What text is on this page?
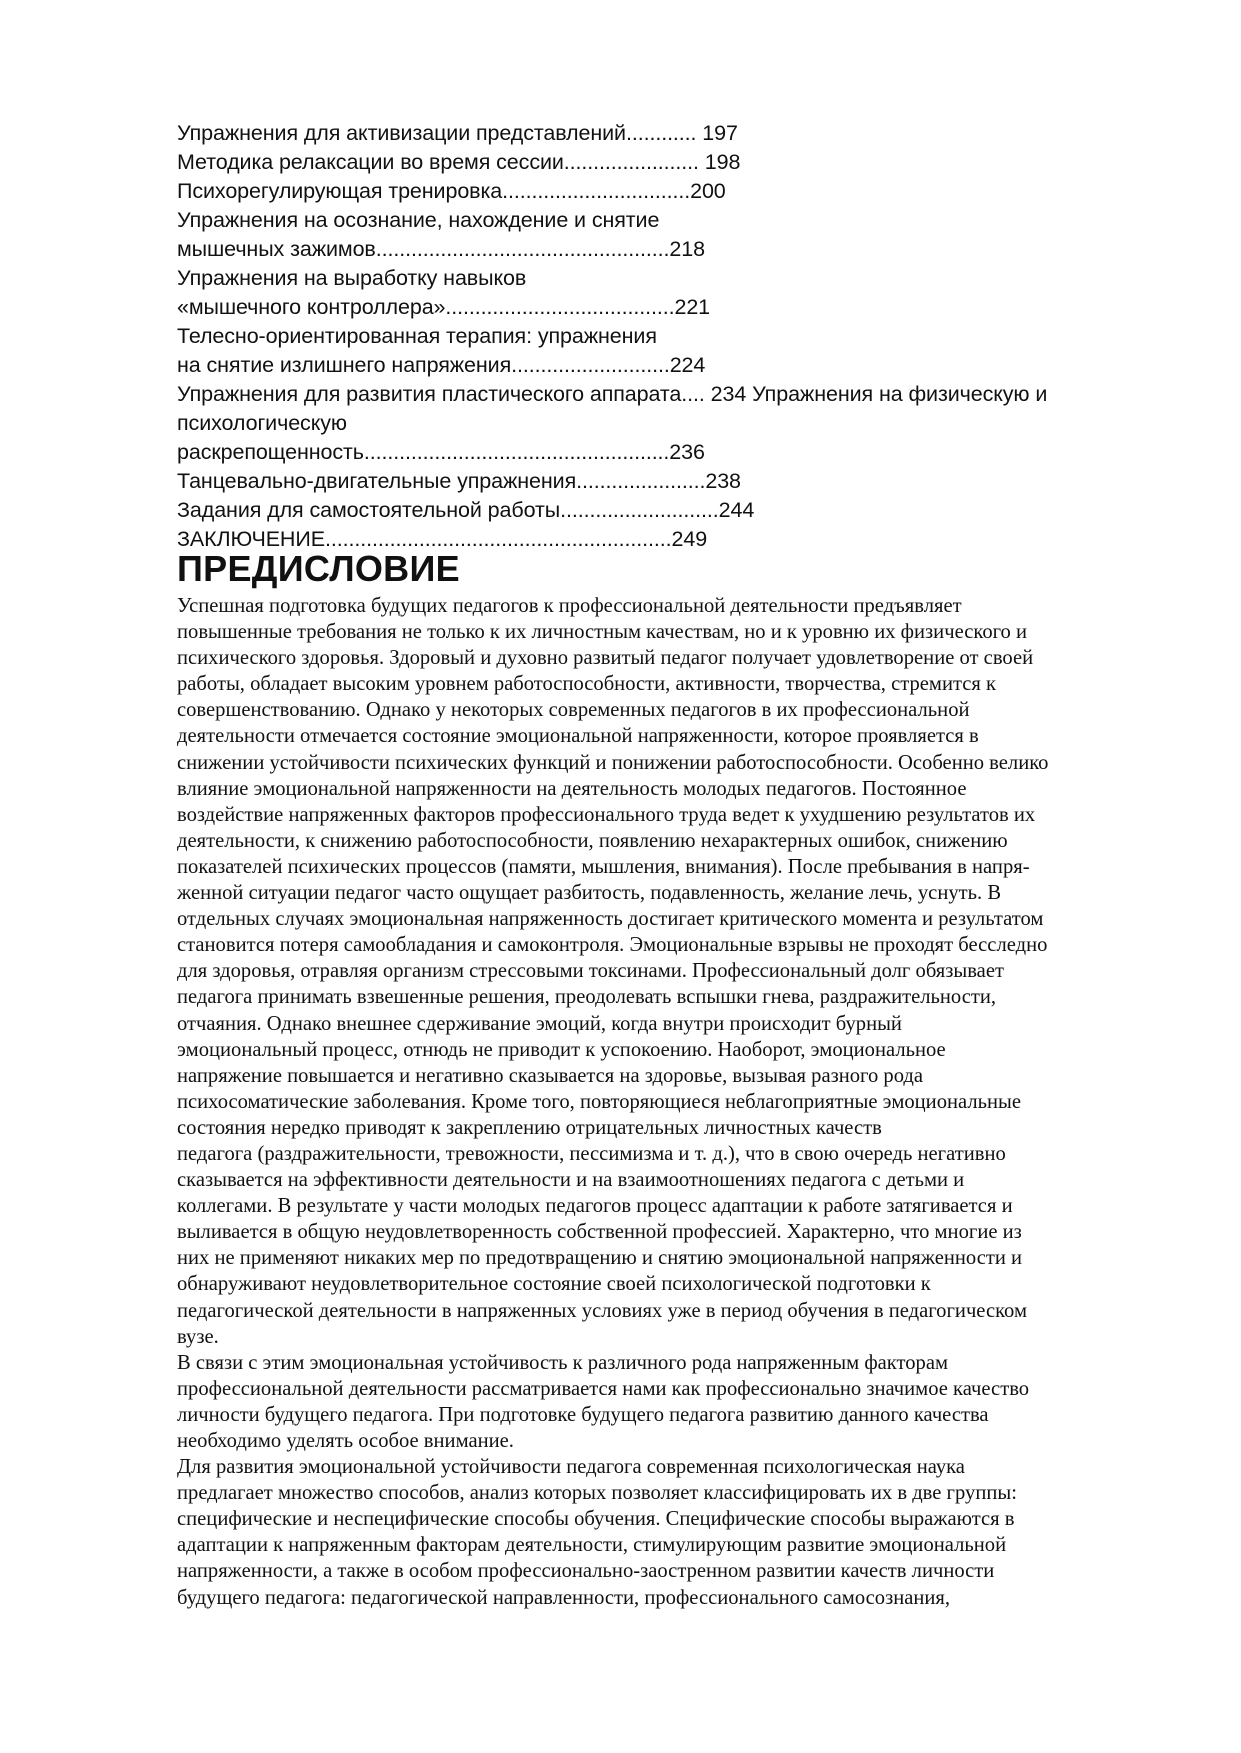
Упражнения для активизации представлений............ 197
Методика релаксации во время сессии....................... 198
Психорегулирующая тренировка................................200
Упражнения на осознание, нахождение и снятие
мышечных зажимов..................................................218
Упражнения на выработку навыков
«мышечного контроллера».......................................221
Телесно-ориентированная терапия: упражнения
на снятие излишнего напряжения...........................224
Упражнения для развития пластического аппарата.... 234 Упражнения на физическую и
психологическую
раскрепощенность....................................................236
Танцевально-двигательные упражнения......................238
Задания для самостоятельной работы...........................244
ЗАКЛЮЧЕНИЕ...........................................................249
ПРЕДИСЛОВИЕ
Успешная подготовка будущих педагогов к профессиональной деятельности предъявляет
повышенные требования не только к их личностным качествам, но и к уровню их физического и
психического здоровья. Здоровый и духовно развитый педагог получает удовлетворение от своей
работы, обладает высоким уровнем работоспособности, активности, творчества, стремится к
совершенствованию. Однако у некоторых современных педагогов в их профессиональной
деятельности отмечается состояние эмоциональной напряженности, которое проявляется в
снижении устойчивости психических функций и понижении работоспособности. Особенно велико
влияние эмоциональной напряженности на деятельность молодых педагогов. Постоянное
воздействие напряженных факторов профессионального труда ведет к ухудшению результатов их
деятельности, к снижению работоспособности, появлению нехарактерных ошибок, снижению
показателей психических процессов (памяти, мышления, внимания). После пребывания в напря-
женной ситуации педагог часто ощущает разбитость, подавленность, желание лечь, уснуть. В
отдельных случаях эмоциональная напряженность достигает критического момента и результатом
становится потеря самообладания и самоконтроля. Эмоциональные взрывы не проходят бесследно
для здоровья, отравляя организм стрессовыми токсинами. Профессиональный долг обязывает
педагога принимать взвешенные решения, преодолевать вспышки гнева, раздражительности,
отчаяния. Однако внешнее сдерживание эмоций, когда внутри происходит бурный
эмоциональный процесс, отнюдь не приводит к успокоению. Наоборот, эмоциональное
напряжение повышается и негативно сказывается на здоровье, вызывая разного рода
психосоматические заболевания. Кроме того, повторяющиеся неблагоприятные эмоциональные
состояния нередко приводят к закреплению отрицательных личностных качеств
педагога (раздражительности, тревожности, пессимизма и т. д.), что в свою очередь негативно
сказывается на эффективности деятельности и на взаимоотношениях педагога с детьми и
коллегами. В результате у части молодых педагогов процесс адаптации к работе затягивается и
выливается в общую неудовлетворенность собственной профессией. Характерно, что многие из
них не применяют никаких мер по предотвращению и снятию эмоциональной напряженности и
обнаруживают неудовлетворительное состояние своей психологической подготовки к
педагогической деятельности в напряженных условиях уже в период обучения в педагогическом
вузе.
В связи с этим эмоциональная устойчивость к различного рода напряженным факторам
профессиональной деятельности рассматривается нами как профессионально значимое качество
личности будущего педагога. При подготовке будущего педагога развитию данного качества
необходимо уделять особое внимание.
Для развития эмоциональной устойчивости педагога современная психологическая наука
предлагает множество способов, анализ которых позволяет классифицировать их в две группы:
специфические и неспецифические способы обучения. Специфические способы выражаются в
адаптации к напряженным факторам деятельности, стимулирующим развитие эмоциональной
напряженности, а также в особом профессионально-заостренном развитии качеств личности
будущего педагога: педагогической направленности, профессионального самосознания,
